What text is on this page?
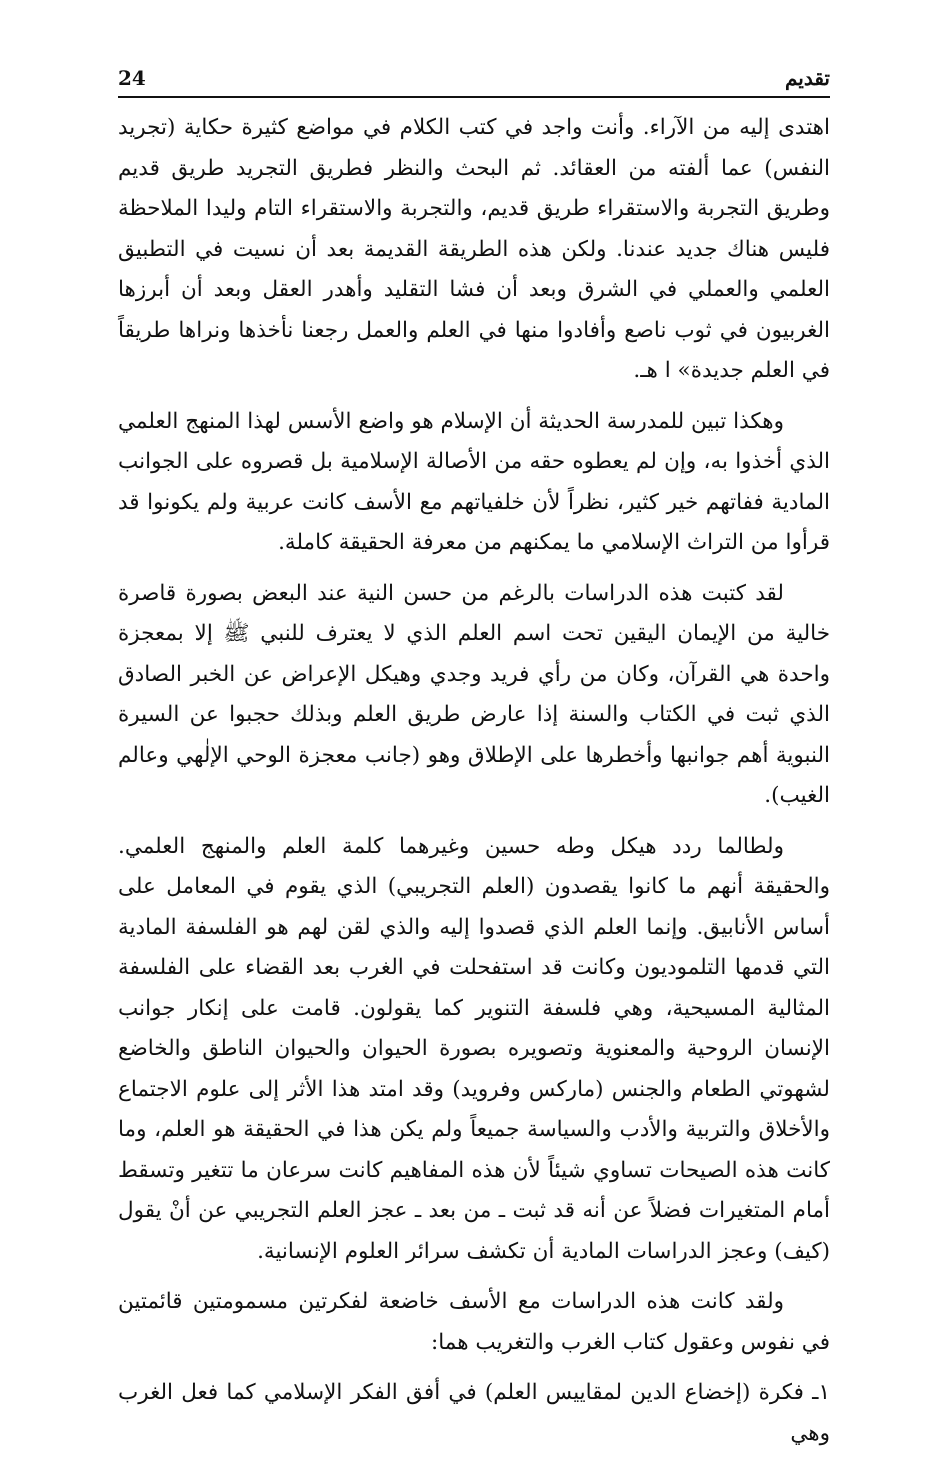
24	تقديم

اهتدى إليه من الآراء. وأنت واجد في كتب الكلام في مواضع كثيرة حكاية (تجريد النفس) عما ألفته من العقائد. ثم البحث والنظر فطريق التجريد طريق قديم وطريق التجربة والاستقراء طريق قديم، والتجربة والاستقراء التام وليدا الملاحظة فليس هناك جديد عندنا. ولكن هذه الطريقة القديمة بعد أن نسيت في التطبيق العلمي والعملي في الشرق وبعد أن فشا التقليد وأهدر العقل وبعد أن أبرزها الغربيون في ثوب ناصع وأفادوا منها في العلم والعمل رجعنا نأخذها ونراها طريقاً في العلم جديدة» ا هـ.

وهكذا تبين للمدرسة الحديثة أن الإسلام هو واضع الأسس لهذا المنهج العلمي الذي أخذوا به، وإن لم يعطوه حقه من الأصالة الإسلامية بل قصروه على الجوانب المادية ففاتهم خير كثير، نظراً لأن خلفياتهم مع الأسف كانت عربية ولم يكونوا قد قرأوا من التراث الإسلامي ما يمكنهم من معرفة الحقيقة كاملة.

لقد كتبت هذه الدراسات بالرغم من حسن النية عند البعض بصورة قاصرة خالية من الإيمان اليقين تحت اسم العلم الذي لا يعترف للنبي ﷺ إلا بمعجزة واحدة هي القرآن، وكان من رأي فريد وجدي وهيكل الإعراض عن الخبر الصادق الذي ثبت في الكتاب والسنة إذا عارض طريق العلم وبذلك حجبوا عن السيرة النبوية أهم جوانبها وأخطرها على الإطلاق وهو (جانب معجزة الوحي الإلٰهي وعالم الغيب).

ولطالما ردد هيكل وطه حسين وغيرهما كلمة العلم والمنهج العلمي. والحقيقة أنهم ما كانوا يقصدون (العلم التجريبي) الذي يقوم في المعامل على أساس الأنابيق. وإنما العلم الذي قصدوا إليه والذي لقن لهم هو الفلسفة المادية التي قدمها التلموديون وكانت قد استفحلت في الغرب بعد القضاء على الفلسفة المثالية المسيحية، وهي فلسفة التنوير كما يقولون. قامت على إنكار جوانب الإنسان الروحية والمعنوية وتصويره بصورة الحيوان والحيوان الناطق والخاضع لشهوتي الطعام والجنس (ماركس وفرويد) وقد امتد هذا الأثر إلى علوم الاجتماع والأخلاق والتربية والأدب والسياسة جميعاً ولم يكن هذا في الحقيقة هو العلم، وما كانت هذه الصيحات تساوي شيئاً لأن هذه المفاهيم كانت سرعان ما تتغير وتسقط أمام المتغيرات فضلاً عن أنه قد ثبت ـ من بعد ـ عجز العلم التجريبي عن أنْ يقول (كيف) وعجز الدراسات المادية أن تكشف سرائر العلوم الإنسانية.

ولقد كانت هذه الدراسات مع الأسف خاضعة لفكرتين مسمومتين قائمتين في نفوس وعقول كتاب الغرب والتغريب هما:

١ـ فكرة (إخضاع الدين لمقاييس العلم) في أفق الفكر الإسلامي كما فعل الغرب وهي
